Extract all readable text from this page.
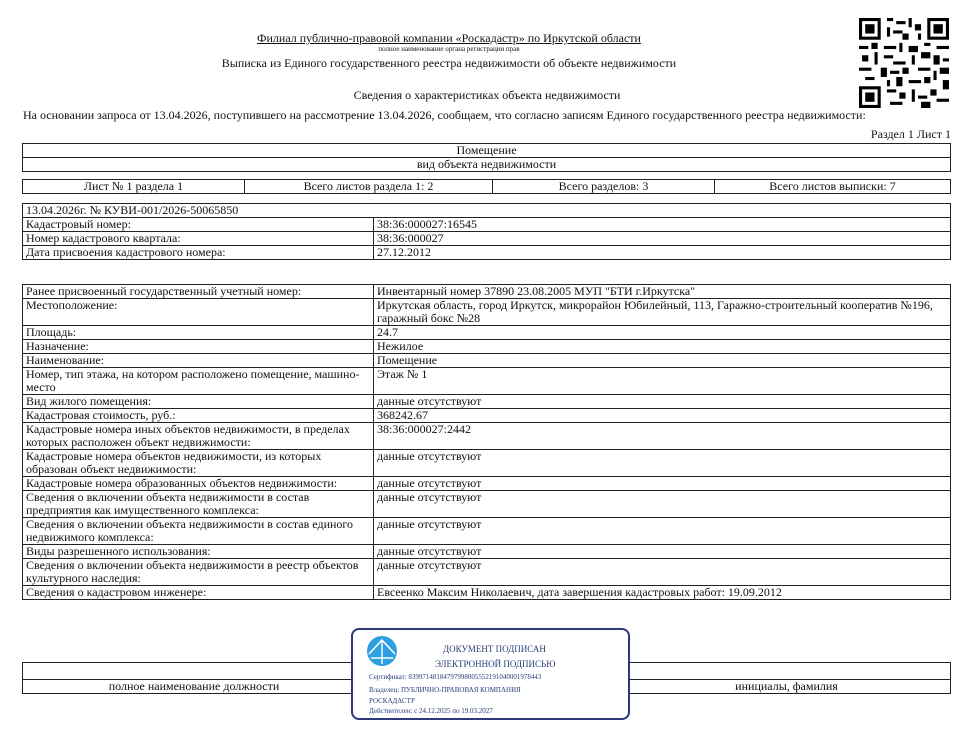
Филиал публично-правовой компании «Роскадастр» по Иркутской области
полное наименование органа регистрации прав
Выписка из Единого государственного реестра недвижимости об объекте недвижимости
Сведения о характеристиках объекта недвижимости
На основании запроса от 13.04.2026, поступившего на рассмотрение 13.04.2026, сообщаем, что согласно записям Единого государственного реестра недвижимости:
Раздел 1 Лист 1
Помещение
вид объекта недвижимости
Лист № 1 раздела 1	Всего листов раздела 1: 2	Всего разделов: 3	Всего листов выписки: 7
13.04.2026г. № КУВИ-001/2026-50065850	
Кадастровый номер:	38:36:000027:16545
Номер кадастрового квартала:	38:36:000027
Дата присвоения кадастрового номера:	27.12.2012
Ранее присвоенный государственный учетный номер:	Инвентарный номер 37890 23.08.2005 МУП "БТИ г.Иркутска"
Местоположение:	Иркутская область, город Иркутск, микрорайон Юбилейный, 113, Гаражно-строительный кооператив №196, гаражный бокс №28
Площадь:	24.7
Назначение:	Нежилое
Наименование:	Помещение
Номер, тип этажа, на котором расположено помещение, машино-место	Этаж № 1
Вид жилого помещения:	данные отсутствуют
Кадастровая стоимость, руб.:	368242.67
Кадастровые номера иных объектов недвижимости, в пределах которых расположен объект недвижимости:	38:36:000027:2442
Кадастровые номера объектов недвижимости, из которых образован объект недвижимости:	данные отсутствуют
Кадастровые номера образованных объектов недвижимости:	данные отсутствуют
Сведения о включении объекта недвижимости в состав предприятия как имущественного комплекса:	данные отсутствуют
Сведения о включении объекта недвижимости в состав единого недвижимого комплекса:	данные отсутствуют
Виды разрешенного использования:	данные отсутствуют
Сведения о включении объекта недвижимости в реестр объектов культурного наследия:	данные отсутствуют
Сведения о кадастровом инженере:	Евсеенко Максим Николаевич, дата завершения кадастровых работ: 19.09.2012

полное наименование должности		инициалы, фамилия
ДОКУМЕНТ ПОДПИСАН
ЭЛЕКТРОННОЙ ПОДПИСЬЮ
Сертификат: 83997148184797998005552191040001978443
Владелец: ПУБЛИЧНО-ПРАВОВАЯ КОМПАНИЯ
РОСКАДАСТР
Действителен: с 24.12.2025 по 19.03.2027
